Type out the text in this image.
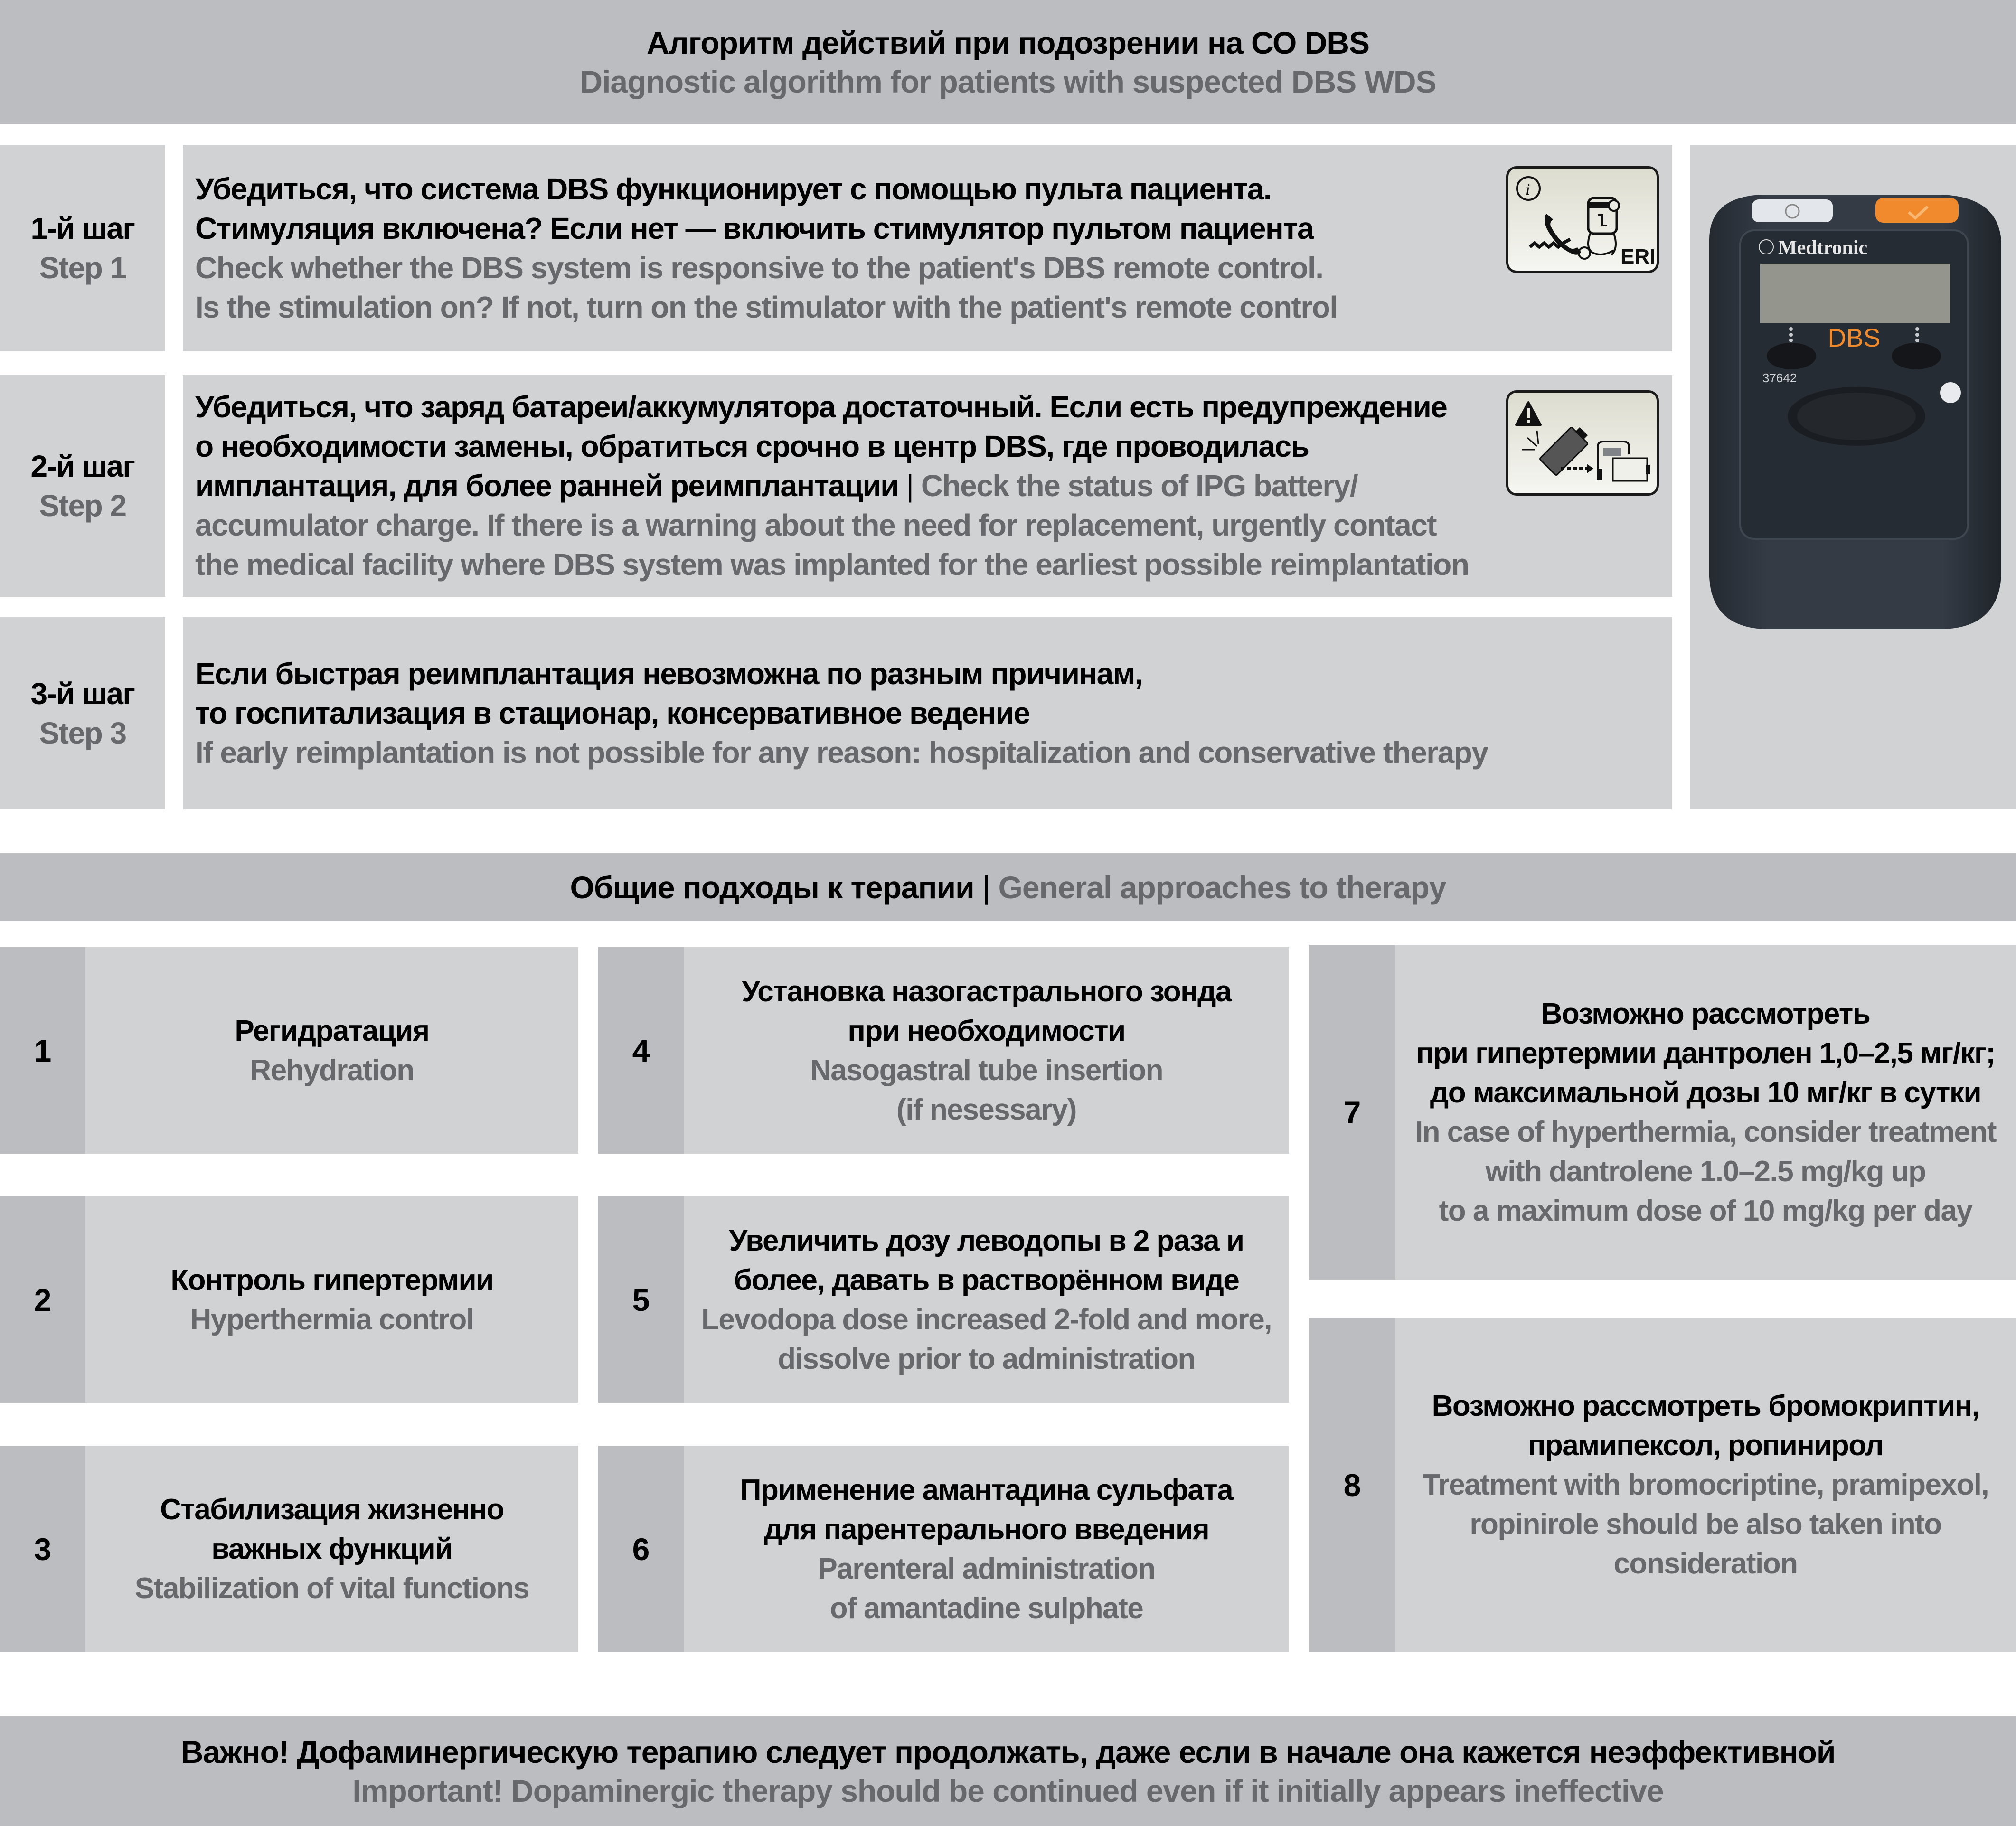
Алгоритм действий при подозрении на СО DBS
Diagnostic algorithm for patients with suspected DBS WDS
1-й шаг
Step 1
Убедиться, что система DBS функционирует с помощью пульта пациента.
Стимуляция включена? Если нет — включить стимулятор пультом пациента
Check whether the DBS system is responsive to the patient's DBS remote control.
Is the stimulation on? If not, turn on the stimulator with the patient's remote control
i
ERI
2-й шаг
Step 2
Убедиться, что заряд батареи/аккумулятора достаточный. Если есть предупреждение
о необходимости замены, обратиться срочно в центр DBS, где проводилась
имплантация, для более ранней реимплантации | Check the status of IPG battery/
accumulator charge. If there is a warning about the need for replacement, urgently contact
the medical facility where DBS system was implanted for the earliest possible reimplantation
3-й шаг
Step 3
Если быстрая реимплантация невозможна по разным причинам,
то госпитализация в стационар, консервативное ведение
If early reimplantation is not possible for any reason: hospitalization and conservative therapy
Medtronic
DBS
37642
Общие подходы к терапии | General approaches to therapy
1
Регидратация
Rehydration
2
Контроль гипертермии
Hyperthermia control
3
Стабилизация жизненно
важных функций
Stabilization of vital functions
4
Установка назогастрального зонда
при необходимости
Nasogastral tube insertion
(if nesessary)
5
Увеличить дозу леводопы в 2 раза и
более, давать в растворённом виде
Levodopa dose increased 2-fold and more,
dissolve prior to administration
6
Применение амантадина сульфата
для парентерального введения
Parenteral administration
of amantadine sulphate
7
Возможно рассмотреть
при гипертермии дантролен 1,0–2,5 мг/кг;
до максимальной дозы 10 мг/кг в сутки
In case of hyperthermia, consider treatment
with dantrolene 1.0–2.5 mg/kg up
to a maximum dose of 10 mg/kg per day
8
Возможно рассмотреть бромокриптин,
прамипексол, ропинирол
Treatment with bromocriptine, pramipexol,
ropinirole should be also taken into
consideration
Важно! Дофаминергическую терапию следует продолжать, даже если в начале она кажется неэффективной
Important! Dopaminergic therapy should be continued even if it initially appears ineffective
